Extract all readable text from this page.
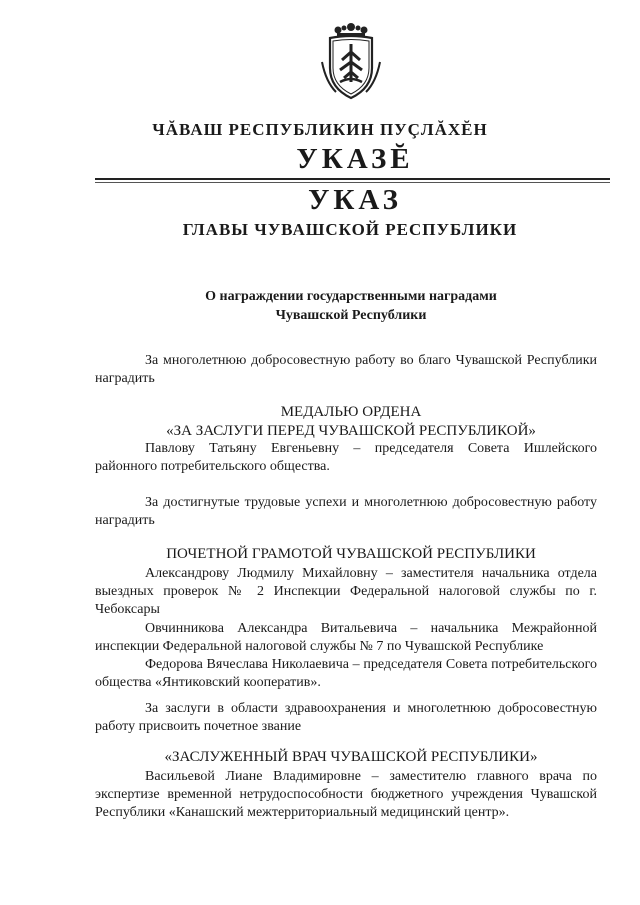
ЧĂВАШ РЕСПУБЛИКИН ПУÇЛĂХĔН
УКАЗĔ
УКАЗ
ГЛАВЫ ЧУВАШСКОЙ РЕСПУБЛИКИ
О награждении государственными наградами
Чувашской Республики
За многолетнюю добросовестную работу во благо Чувашской Республики наградить
МЕДАЛЬЮ ОРДЕНА
«ЗА ЗАСЛУГИ ПЕРЕД ЧУВАШСКОЙ РЕСПУБЛИКОЙ»
Павлову Татьяну Евгеньевну – председателя Совета Ишлейского районного потребительского общества.
За достигнутые трудовые успехи и многолетнюю добросовестную работу наградить
ПОЧЕТНОЙ ГРАМОТОЙ ЧУВАШСКОЙ РЕСПУБЛИКИ
Александрову Людмилу Михайловну – заместителя начальника отдела выездных проверок № 2 Инспекции Федеральной налоговой службы по г. Чебоксары
Овчинникова Александра Витальевича – начальника Межрайонной инспекции Федеральной налоговой службы № 7 по Чувашской Республике
Федорова Вячеслава Николаевича – председателя Совета потребительского общества «Янтиковский кооператив».
За заслуги в области здравоохранения и многолетнюю добросовестную работу присвоить почетное звание
«ЗАСЛУЖЕННЫЙ ВРАЧ ЧУВАШСКОЙ РЕСПУБЛИКИ»
Васильевой Лиане Владимировне – заместителю главного врача по экспертизе временной нетрудоспособности бюджетного учреждения Чувашской Республики «Канашский межтерриториальный медицинский центр».
